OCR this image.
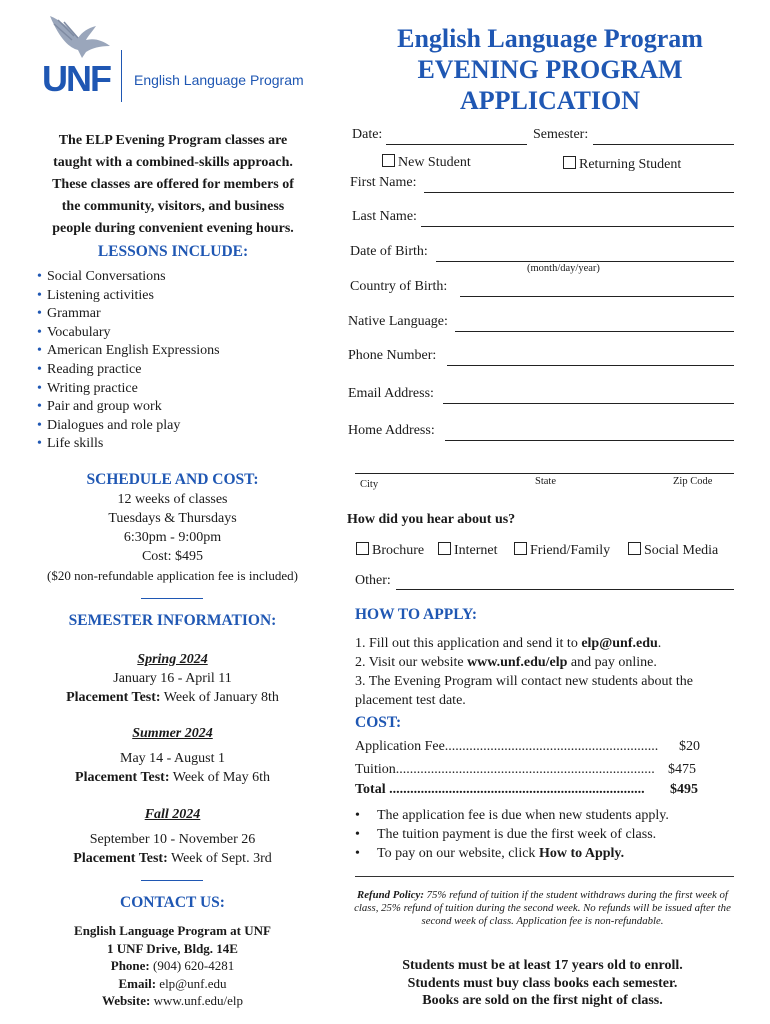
UNF English Language Program
English Language Program
EVENING PROGRAM
APPLICATION
The ELP Evening Program classes are
taught with a combined-skills approach.
These classes are offered for members of
the community, visitors, and business
people during convenient evening hours.
LESSONS INCLUDE:
• Social Conversations
• Listening activities
• Grammar
• Vocabulary
• American English Expressions
• Reading practice
• Writing practice
• Pair and group work
• Dialogues and role play
• Life skills
SCHEDULE AND COST:
12 weeks of classes
Tuesdays & Thursdays
6:30pm - 9:00pm
Cost: $495
($20 non-refundable application fee is included)
SEMESTER INFORMATION:
Spring 2024
January 16 - April 11
Placement Test: Week of January 8th
Summer 2024
May 14 - August 1
Placement Test: Week of May 6th
Fall 2024
September 10 - November 26
Placement Test: Week of Sept. 3rd
CONTACT US:
English Language Program at UNF
1 UNF Drive, Bldg. 14E
Phone: (904) 620-4281
Email: elp@unf.edu
Website: www.unf.edu/elp
Date:	Semester:
New Student	Returning Student
First Name:
Last Name:
Date of Birth:
(month/day/year)
Country of Birth:
Native Language:
Phone Number:
Email Address:
Home Address:
City	State	Zip Code
How did you hear about us?
Brochure	Internet	Friend/Family	Social Media
Other:
HOW TO APPLY:
1. Fill out this application and send it to elp@unf.edu.
2. Visit our website www.unf.edu/elp and pay online.
3. The Evening Program will contact new students about the
placement test date.
COST:
Application Fee............................................................. $20
Tuition.......................................................................... $475
Total ......................................................................... $495
• The application fee is due when new students apply.
• The tuition payment is due the first week of class.
• To pay on our website, click How to Apply.
Refund Policy: 75% refund of tuition if the student withdraws during the first week of class, 25% refund of tuition during the second week. No refunds will be issued after the second week of class. Application fee is non-refundable.
Students must be at least 17 years old to enroll.
Students must buy class books each semester.
Books are sold on the first night of class.
